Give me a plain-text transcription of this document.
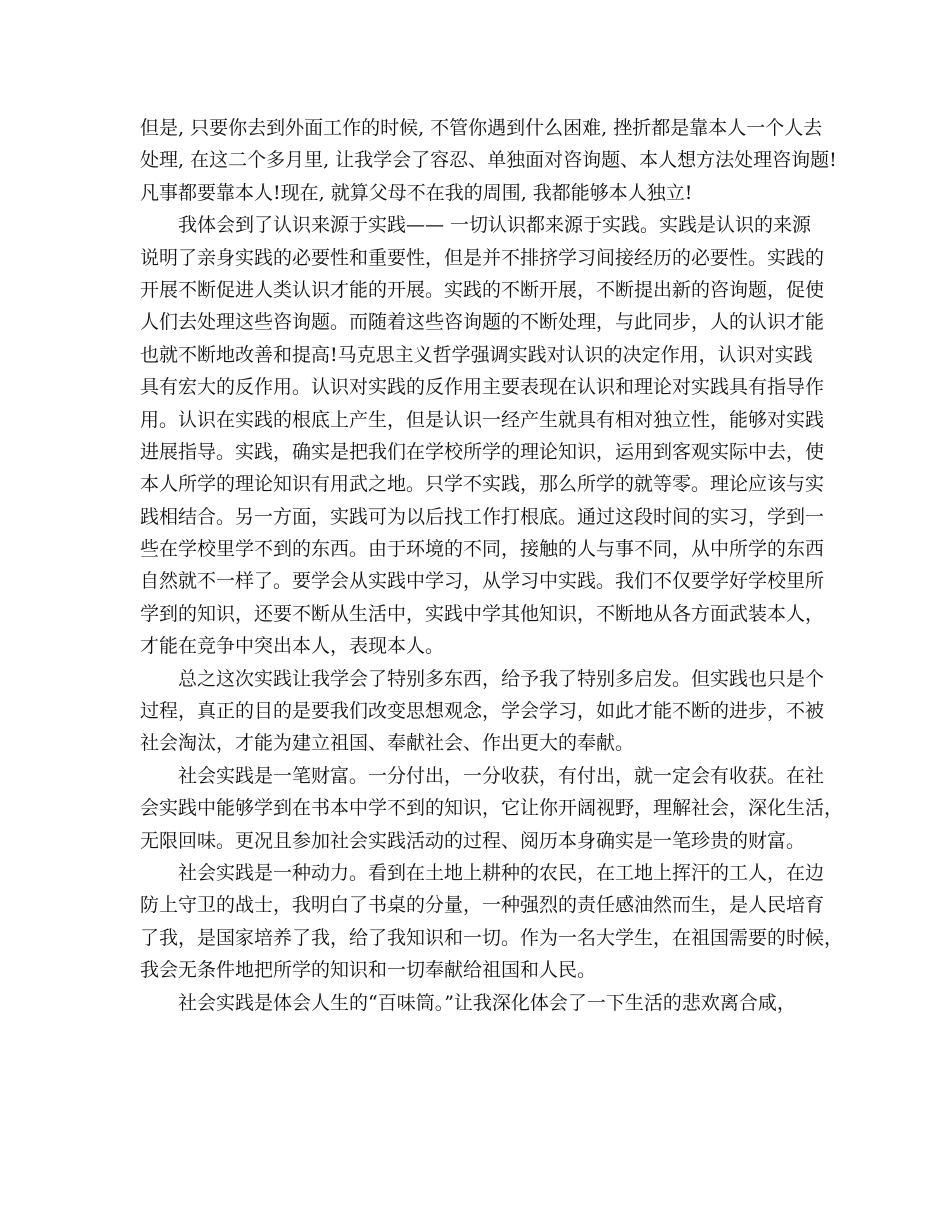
但是, 只要你去到外面工作的时候, 不管你遇到什么困难, 挫折都是靠本人一个人去
处理, 在这二个多月里, 让我学会了容忍、单独面对咨询题、本人想方法处理咨询题!
凡事都要靠本人!现在, 就算父母不在我的周围, 我都能够本人独立!
我体会到了认识来源于实践—— 一切认识都来源于实践。实践是认识的来源
说明了亲身实践的必要性和重要性，但是并不排挤学习间接经历的必要性。实践的
开展不断促进人类认识才能的开展。实践的不断开展，不断提出新的咨询题，促使
人们去处理这些咨询题。而随着这些咨询题的不断处理，与此同步，人的认识才能
也就不断地改善和提高!马克思主义哲学强调实践对认识的决定作用，认识对实践
具有宏大的反作用。认识对实践的反作用主要表现在认识和理论对实践具有指导作
用。认识在实践的根底上产生，但是认识一经产生就具有相对独立性，能够对实践
进展指导。实践，确实是把我们在学校所学的理论知识，运用到客观实际中去，使
本人所学的理论知识有用武之地。只学不实践，那么所学的就等零。理论应该与实
践相结合。另一方面，实践可为以后找工作打根底。通过这段时间的实习，学到一
些在学校里学不到的东西。由于环境的不同，接触的人与事不同，从中所学的东西
自然就不一样了。要学会从实践中学习，从学习中实践。我们不仅要学好学校里所
学到的知识，还要不断从生活中，实践中学其他知识，不断地从各方面武装本人，
才能在竞争中突出本人，表现本人。
总之这次实践让我学会了特别多东西，给予我了特别多启发。但实践也只是个
过程，真正的目的是要我们改变思想观念，学会学习，如此才能不断的进步，不被
社会淘汰，才能为建立祖国、奉献社会、作出更大的奉献。
社会实践是一笔财富。一分付出，一分收获，有付出，就一定会有收获。在社
会实践中能够学到在书本中学不到的知识，它让你开阔视野，理解社会，深化生活，
无限回味。更况且参加社会实践活动的过程、阅历本身确实是一笔珍贵的财富。
社会实践是一种动力。看到在土地上耕种的农民，在工地上挥汗的工人，在边
防上守卫的战士，我明白了书桌的分量，一种强烈的责任感油然而生，是人民培育
了我，是国家培养了我，给了我知识和一切。作为一名大学生，在祖国需要的时候，
我会无条件地把所学的知识和一切奉献给祖国和人民。
社会实践是体会人生的“百味筒。”让我深化体会了一下生活的悲欢离合咸，
